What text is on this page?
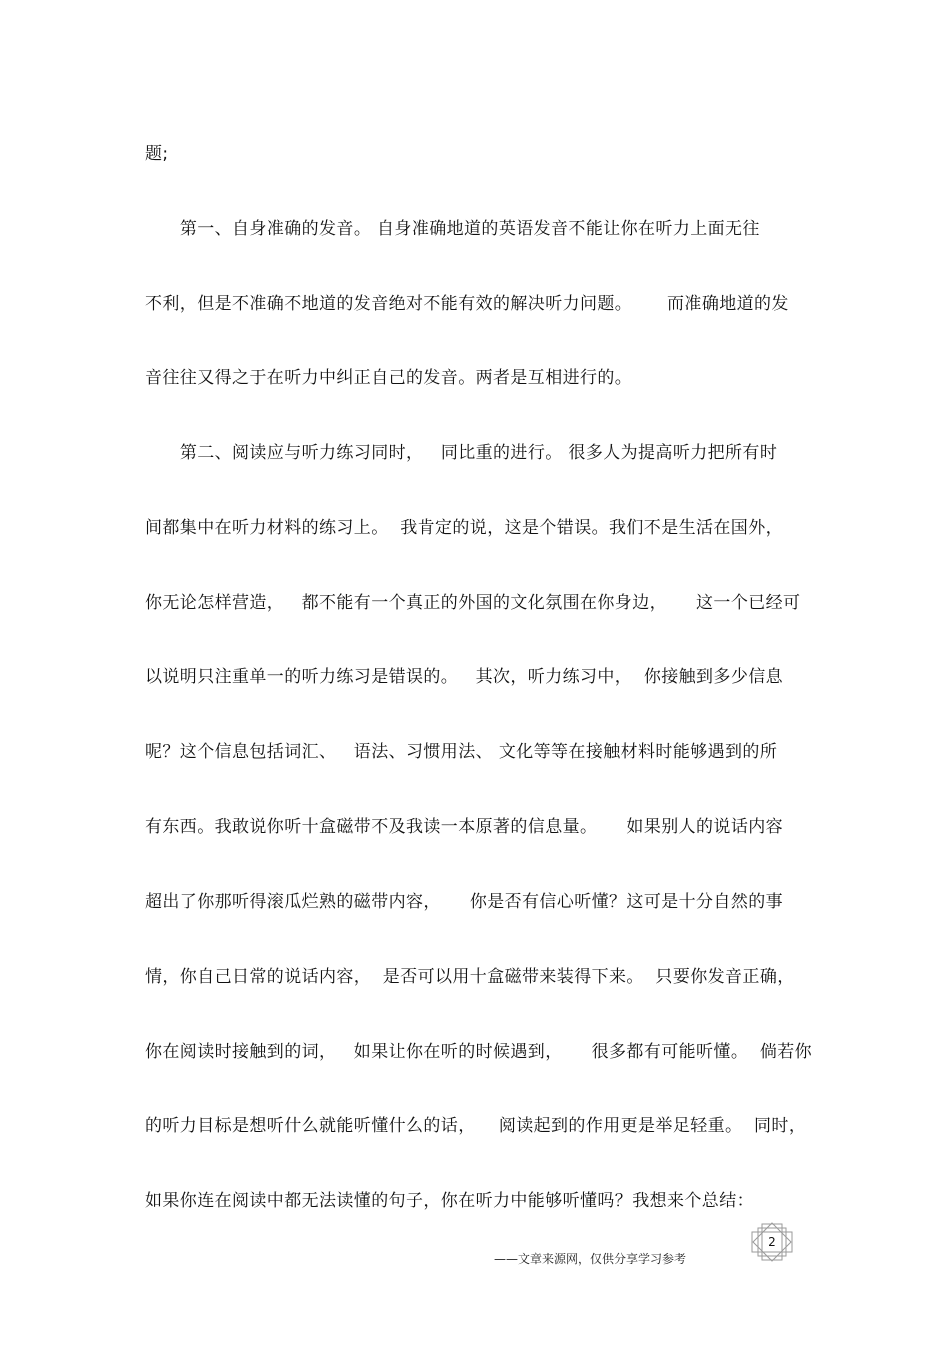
题;
第一、自身准确的发音。 自身准确地道的英语发音不能让你在听力上面无往
不利，但是不准确不地道的发音绝对不能有效的解决听力问题。      而准确地道的发
音往往又得之于在听力中纠正自己的发音。两者是互相进行的。
第二、阅读应与听力练习同时，   同比重的进行。 很多人为提高听力把所有时
间都集中在听力材料的练习上。  我肯定的说，这是个错误。我们不是生活在国外，
你无论怎样营造，   都不能有一个真正的外国的文化氛围在你身边，     这一个已经可
以说明只注重单一的听力练习是错误的。   其次，听力练习中，  你接触到多少信息
呢？这个信息包括词汇、   语法、习惯用法、 文化等等在接触材料时能够遇到的所
有东西。我敢说你听十盒磁带不及我读一本原著的信息量。     如果别人的说话内容
超出了你那听得滚瓜烂熟的磁带内容，     你是否有信心听懂？这可是十分自然的事
情，你自己日常的说话内容，  是否可以用十盒磁带来装得下来。  只要你发音正确，
你在阅读时接触到的词，   如果让你在听的时候遇到，     很多都有可能听懂。  倘若你
的听力目标是想听什么就能听懂什么的话，    阅读起到的作用更是举足轻重。  同时，
如果你连在阅读中都无法读懂的句子，你在听力中能够听懂吗？我想来个总结：
——文章来源网，仅供分享学习参考
2
